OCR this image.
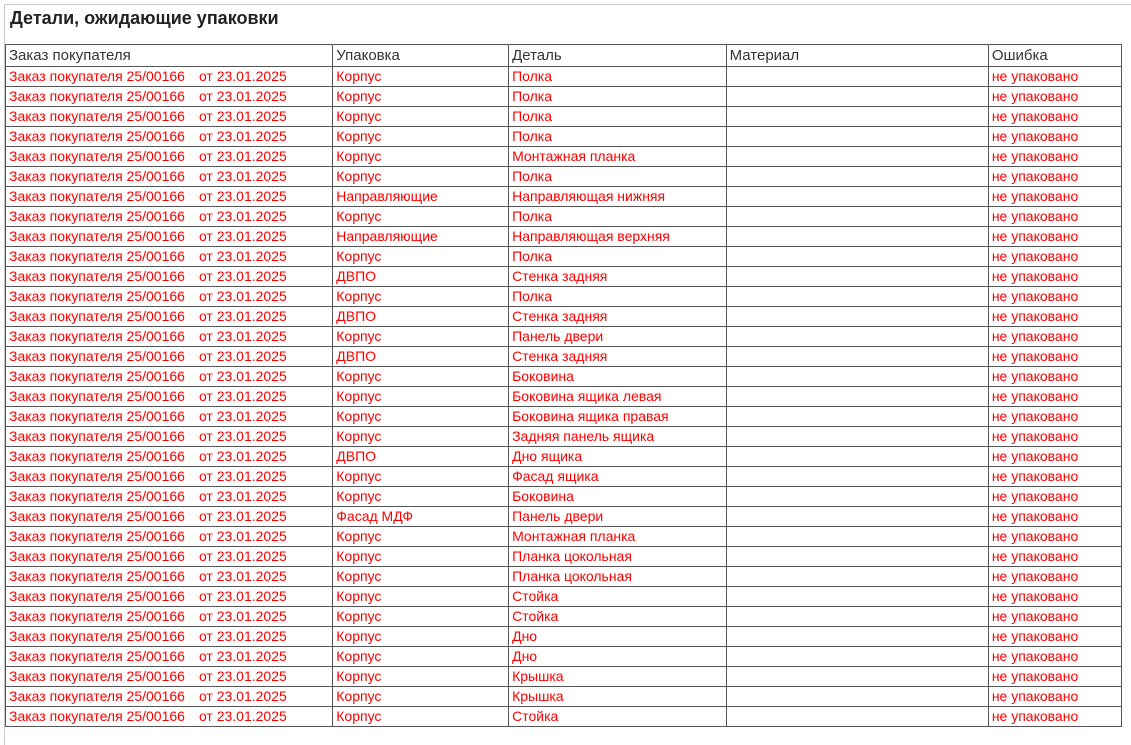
Детали, ожидающие упаковки
Заказ покупателя	Упаковка	Деталь	Материал	Ошибка
Заказ покупателя 25/00166 от 23.01.2025	Корпус	Полка		не упаковано
Заказ покупателя 25/00166 от 23.01.2025	Корпус	Полка		не упаковано
Заказ покупателя 25/00166 от 23.01.2025	Корпус	Полка		не упаковано
Заказ покупателя 25/00166 от 23.01.2025	Корпус	Полка		не упаковано
Заказ покупателя 25/00166 от 23.01.2025	Корпус	Монтажная планка		не упаковано
Заказ покупателя 25/00166 от 23.01.2025	Корпус	Полка		не упаковано
Заказ покупателя 25/00166 от 23.01.2025	Направляющие	Направляющая нижняя		не упаковано
Заказ покупателя 25/00166 от 23.01.2025	Корпус	Полка		не упаковано
Заказ покупателя 25/00166 от 23.01.2025	Направляющие	Направляющая верхняя		не упаковано
Заказ покупателя 25/00166 от 23.01.2025	Корпус	Полка		не упаковано
Заказ покупателя 25/00166 от 23.01.2025	ДВПО	Стенка задняя		не упаковано
Заказ покупателя 25/00166 от 23.01.2025	Корпус	Полка		не упаковано
Заказ покупателя 25/00166 от 23.01.2025	ДВПО	Стенка задняя		не упаковано
Заказ покупателя 25/00166 от 23.01.2025	Корпус	Панель двери		не упаковано
Заказ покупателя 25/00166 от 23.01.2025	ДВПО	Стенка задняя		не упаковано
Заказ покупателя 25/00166 от 23.01.2025	Корпус	Боковина		не упаковано
Заказ покупателя 25/00166 от 23.01.2025	Корпус	Боковина ящика левая		не упаковано
Заказ покупателя 25/00166 от 23.01.2025	Корпус	Боковина ящика правая		не упаковано
Заказ покупателя 25/00166 от 23.01.2025	Корпус	Задняя панель ящика		не упаковано
Заказ покупателя 25/00166 от 23.01.2025	ДВПО	Дно ящика		не упаковано
Заказ покупателя 25/00166 от 23.01.2025	Корпус	Фасад ящика		не упаковано
Заказ покупателя 25/00166 от 23.01.2025	Корпус	Боковина		не упаковано
Заказ покупателя 25/00166 от 23.01.2025	Фасад МДФ	Панель двери		не упаковано
Заказ покупателя 25/00166 от 23.01.2025	Корпус	Монтажная планка		не упаковано
Заказ покупателя 25/00166 от 23.01.2025	Корпус	Планка цокольная		не упаковано
Заказ покупателя 25/00166 от 23.01.2025	Корпус	Планка цокольная		не упаковано
Заказ покупателя 25/00166 от 23.01.2025	Корпус	Стойка		не упаковано
Заказ покупателя 25/00166 от 23.01.2025	Корпус	Стойка		не упаковано
Заказ покупателя 25/00166 от 23.01.2025	Корпус	Дно		не упаковано
Заказ покупателя 25/00166 от 23.01.2025	Корпус	Дно		не упаковано
Заказ покупателя 25/00166 от 23.01.2025	Корпус	Крышка		не упаковано
Заказ покупателя 25/00166 от 23.01.2025	Корпус	Крышка		не упаковано
Заказ покупателя 25/00166 от 23.01.2025	Корпус	Стойка		не упаковано
